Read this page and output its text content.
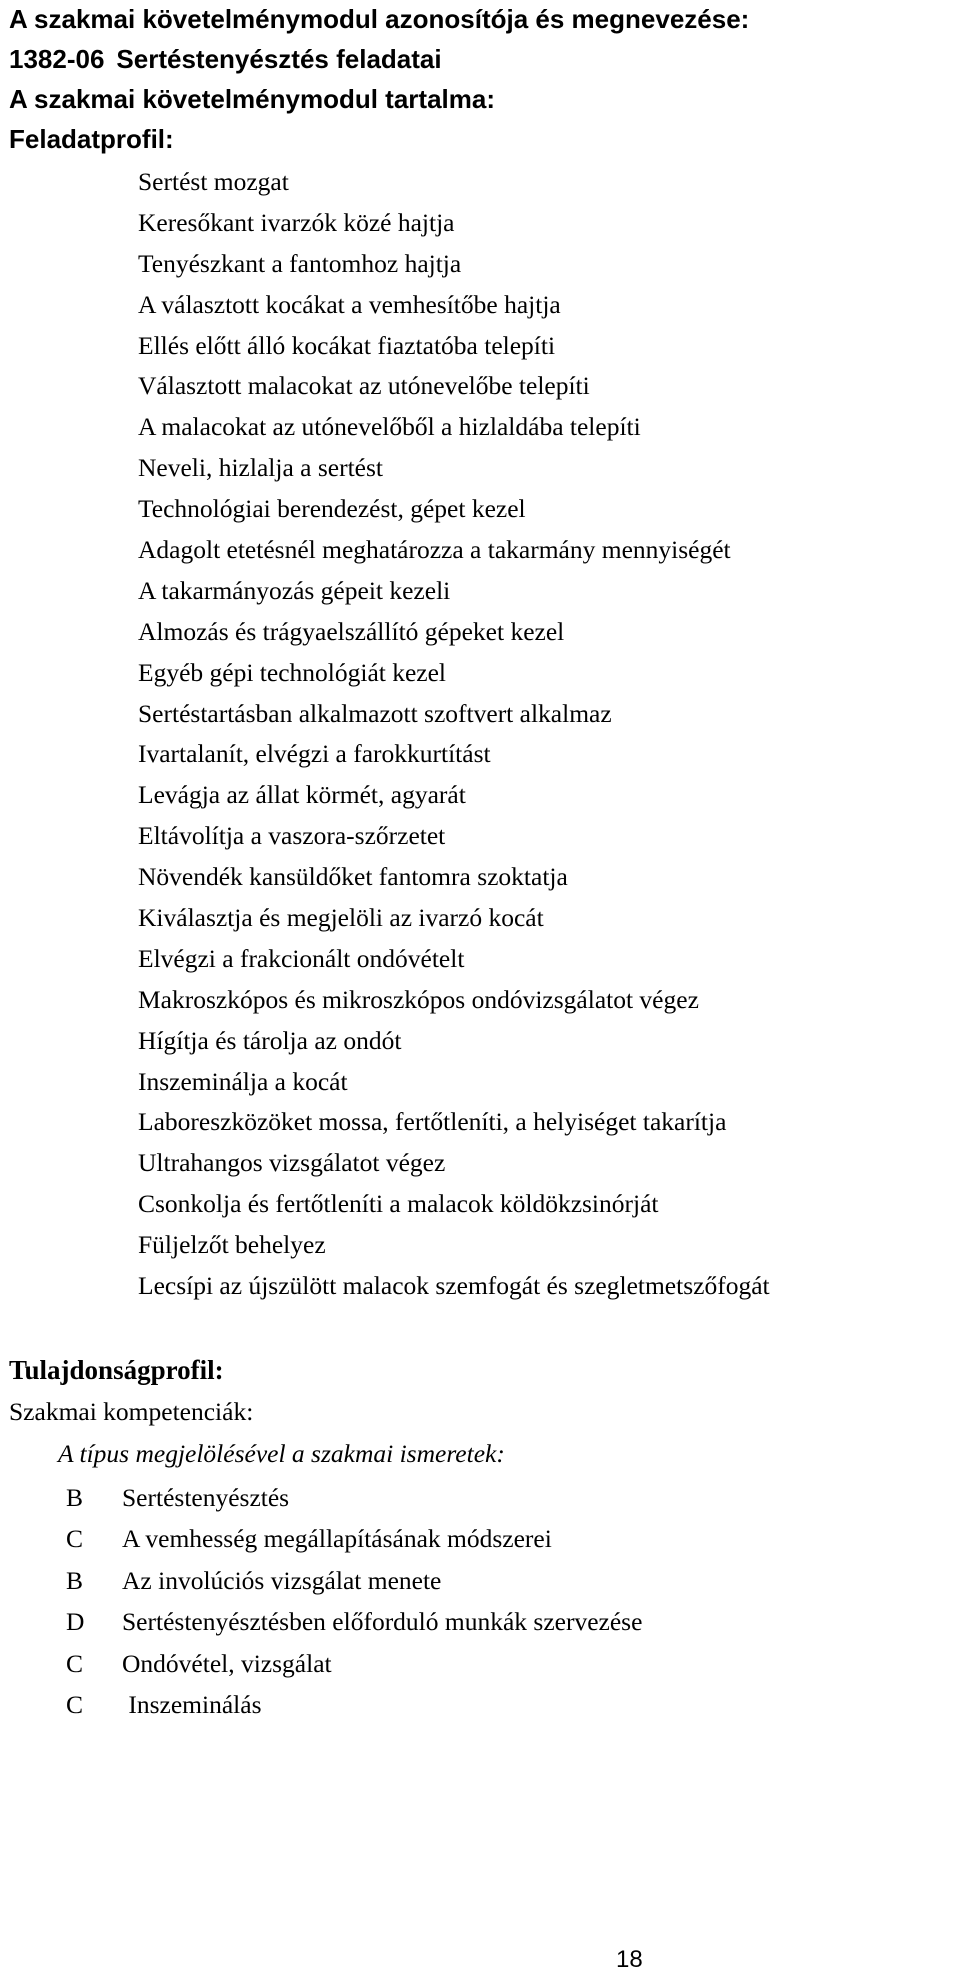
A szakmai követelménymodul azonosítója és megnevezése:
1382-06 Sertéstenyésztés feladatai
A szakmai követelménymodul tartalma:
Feladatprofil:
Sertést mozgat
Keresőkant ivarzók közé hajtja
Tenyészkant a fantomhoz hajtja
A választott kocákat a vemhesítőbe hajtja
Ellés előtt álló kocákat fiaztatóba telepíti
Választott malacokat az utónevelőbe telepíti
A malacokat az utónevelőből a hizlaldába telepíti
Neveli, hizlalja a sertést
Technológiai berendezést, gépet kezel
Adagolt etetésnél meghatározza a takarmány mennyiségét
A takarmányozás gépeit kezeli
Almozás és trágyaelszállító gépeket kezel
Egyéb gépi technológiát kezel
Sertéstartásban alkalmazott szoftvert alkalmaz
Ivartalanít, elvégzi a farokkurtítást
Levágja az állat körmét, agyarát
Eltávolítja a vaszora-szőrzetet
Növendék kansüldőket fantomra szoktatja
Kiválasztja és megjelöli az ivarzó kocát
Elvégzi a frakcionált ondóvételt
Makroszkópos és mikroszkópos ondóvizsgálatot végez
Hígítja és tárolja az ondót
Inszeminálja a kocát
Laboreszközöket mossa, fertőtleníti, a helyiséget takarítja
Ultrahangos vizsgálatot végez
Csonkolja és fertőtleníti a malacok köldökzsinórját
Füljelzőt behelyez
Lecsípi az újszülött malacok szemfogát és szegletmetszőfogát
Tulajdonságprofil:
Szakmai kompetenciák:
A típus megjelölésével a szakmai ismeretek:
B Sertéstenyésztés
C A vemhesség megállapításának módszerei
B Az involúciós vizsgálat menete
D Sertéstenyésztésben előforduló munkák szervezése
C Ondóvétel, vizsgálat
C Inszeminálás
18
